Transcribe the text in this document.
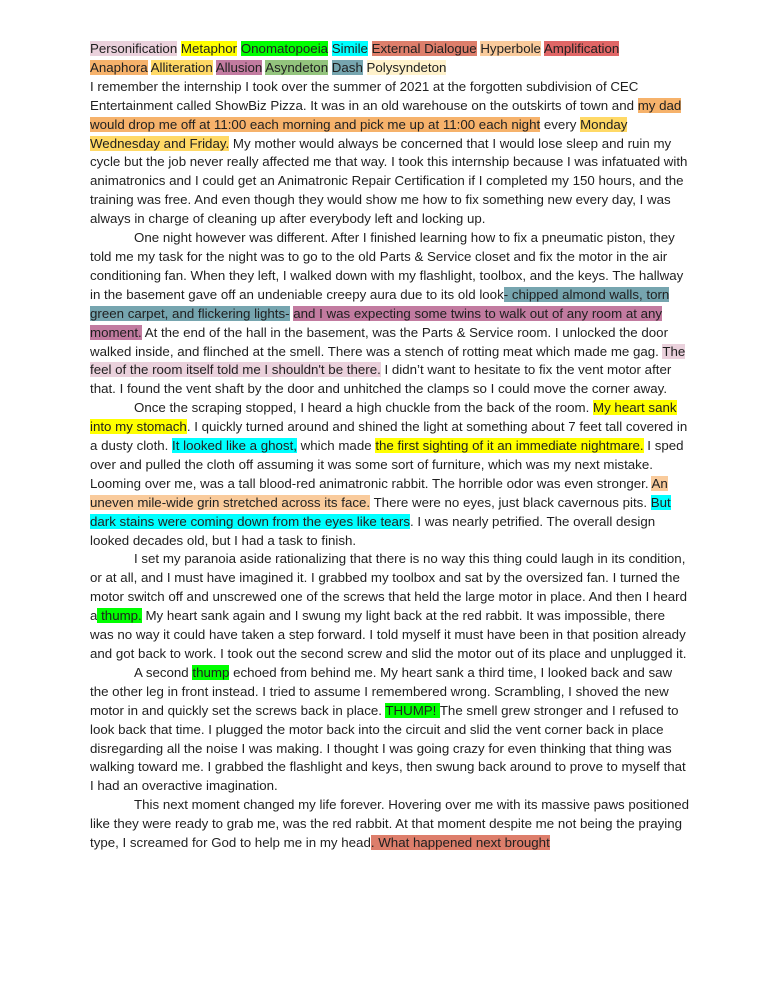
Personification Metaphor Onomatopoeia Simile External Dialogue Hyperbole Amplification
Anaphora Alliteration Allusion Asyndeton Dash Polysyndeton

I remember the internship I took over the summer of 2021 at the forgotten subdivision of CEC Entertainment called ShowBiz Pizza. It was in an old warehouse on the outskirts of town and my dad would drop me off at 11:00 each morning and pick me up at 11:00 each night every Monday Wednesday and Friday. My mother would always be concerned that I would lose sleep and ruin my cycle but the job never really affected me that way. I took this internship because I was infatuated with animatronics and I could get an Animatronic Repair Certification if I completed my 150 hours, and the training was free. And even though they would show me how to fix something new every day, I was always in charge of cleaning up after everybody left and locking up.

One night however was different. After I finished learning how to fix a pneumatic piston, they told me my task for the night was to go to the old Parts & Service closet and fix the motor in the air conditioning fan. When they left, I walked down with my flashlight, toolbox, and the keys. The hallway in the basement gave off an undeniable creepy aura due to its old look- chipped almond walls, torn green carpet, and flickering lights- and I was expecting some twins to walk out of any room at any moment. At the end of the hall in the basement, was the Parts & Service room. I unlocked the door walked inside, and flinched at the smell. There was a stench of rotting meat which made me gag. The feel of the room itself told me I shouldn't be there. I didn’t want to hesitate to fix the vent motor after that. I found the vent shaft by the door and unhitched the clamps so I could move the corner away.

Once the scraping stopped, I heard a high chuckle from the back of the room. My heart sank into my stomach. I quickly turned around and shined the light at something about 7 feet tall covered in a dusty cloth. It looked like a ghost, which made the first sighting of it an immediate nightmare. I sped over and pulled the cloth off assuming it was some sort of furniture, which was my next mistake. Looming over me, was a tall blood-red animatronic rabbit. The horrible odor was even stronger. An uneven mile-wide grin stretched across its face. There were no eyes, just black cavernous pits. But dark stains were coming down from the eyes like tears. I was nearly petrified. The overall design looked decades old, but I had a task to finish.

I set my paranoia aside rationalizing that there is no way this thing could laugh in its condition, or at all, and I must have imagined it. I grabbed my toolbox and sat by the oversized fan. I turned the motor switch off and unscrewed one of the screws that held the large motor in place. And then I heard a thump. My heart sank again and I swung my light back at the red rabbit. It was impossible, there was no way it could have taken a step forward. I told myself it must have been in that position already and got back to work. I took out the second screw and slid the motor out of its place and unplugged it.

A second thump echoed from behind me. My heart sank a third time, I looked back and saw the other leg in front instead. I tried to assume I remembered wrong. Scrambling, I shoved the new motor in and quickly set the screws back in place. THUMP! The smell grew stronger and I refused to look back that time. I plugged the motor back into the circuit and slid the vent corner back in place disregarding all the noise I was making. I thought I was going crazy for even thinking that thing was walking toward me. I grabbed the flashlight and keys, then swung back around to prove to myself that I had an overactive imagination.

This next moment changed my life forever. Hovering over me with its massive paws positioned like they were ready to grab me, was the red rabbit. At that moment despite me not being the praying type, I screamed for God to help me in my head. What happened next brought
